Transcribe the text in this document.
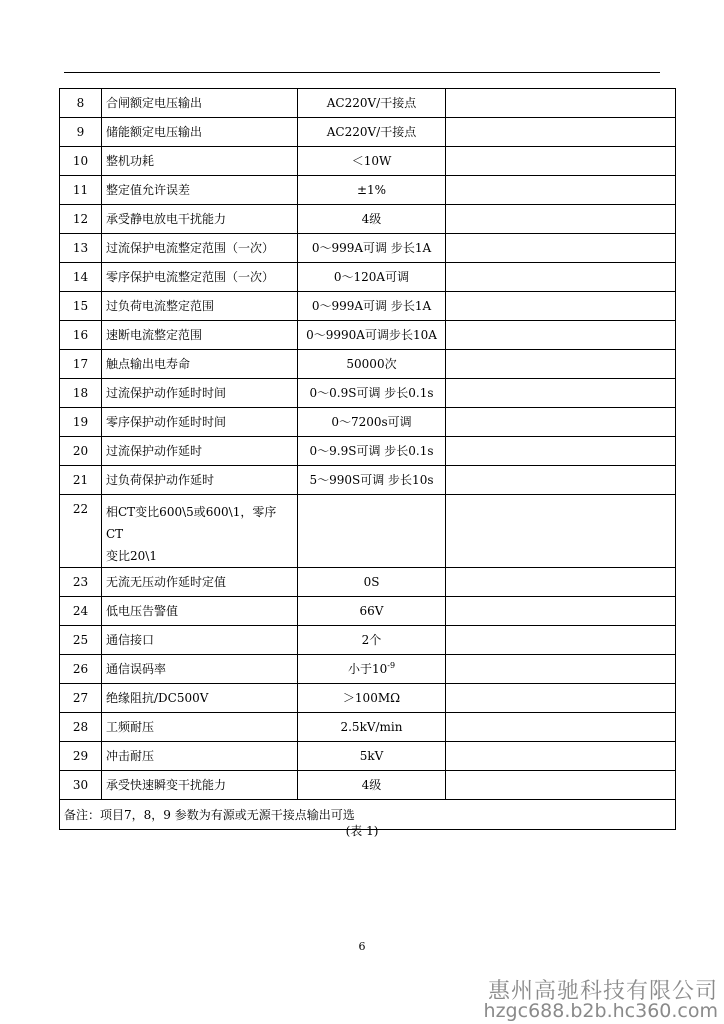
8	合闸额定电压输出	AC220V/干接点	
9	储能额定电压输出	AC220V/干接点	
10	整机功耗	＜10W	
11	整定值允许误差	±1%	
12	承受静电放电干扰能力	4级	
13	过流保护电流整定范围（一次）	0～999A可调 步长1A	
14	零序保护电流整定范围（一次）	0～120A可调	
15	过负荷电流整定范围	0～999A可调 步长1A	
16	速断电流整定范围	0～9990A可调步长10A	
17	触点输出电寿命	50000次	
18	过流保护动作延时时间	0～0.9S可调 步长0.1s	
19	零序保护动作延时时间	0～7200s可调	
20	过流保护动作延时	0～9.9S可调 步长0.1s	
21	过负荷保护动作延时	5～990S可调 步长10s	
22	相CT变比600\5或600\1，零序CT
变比20\1		
23	无流无压动作延时定值	0S	
24	低电压告警值	66V	
25	通信接口	2个	
26	通信误码率	小于$10^{-9}$	
27	绝缘阻抗/DC500V	＞100MΩ	
28	工频耐压	2.5kV/min	
29	冲击耐压	5kV	
30	承受快速瞬变干扰能力	4级	
备注：项目7，8，9 参数为有源或无源干接点输出可选			
(表 1)
6
惠州高驰科技有限公司
hzgc688.b2b.hc360.com
